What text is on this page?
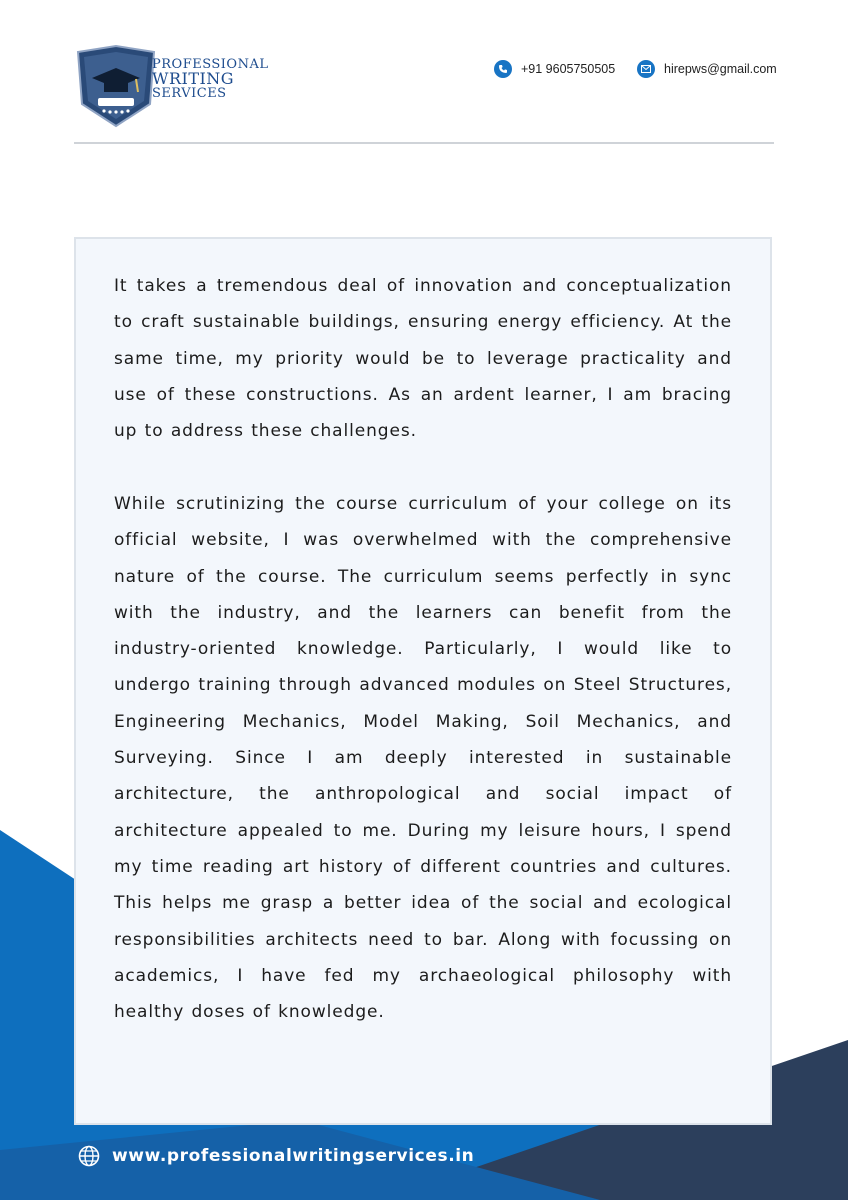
PROFESSIONAL
WRITING
SERVICES
+91 9605750505	hirepws@gmail.com

It takes a tremendous deal of innovation and conceptualization to craft sustainable buildings, ensuring energy efficiency. At the same time, my priority would be to leverage practicality and use of these constructions. As an ardent learner, I am bracing up to address these challenges.

While scrutinizing the course curriculum of your college on its official website, I was overwhelmed with the comprehensive nature of the course. The curriculum seems perfectly in sync with the industry, and the learners can benefit from the industry-oriented knowledge. Particularly, I would like to undergo training through advanced modules on Steel Structures, Engineering Mechanics, Model Making, Soil Mechanics, and Surveying. Since I am deeply interested in sustainable architecture, the anthropological and social impact of architecture appealed to me. During my leisure hours, I spend my time reading art history of different countries and cultures. This helps me grasp a better idea of the social and ecological responsibilities architects need to bar. Along with focussing on academics, I have fed my archaeological philosophy with healthy doses of knowledge.

www.professionalwritingservices.in
